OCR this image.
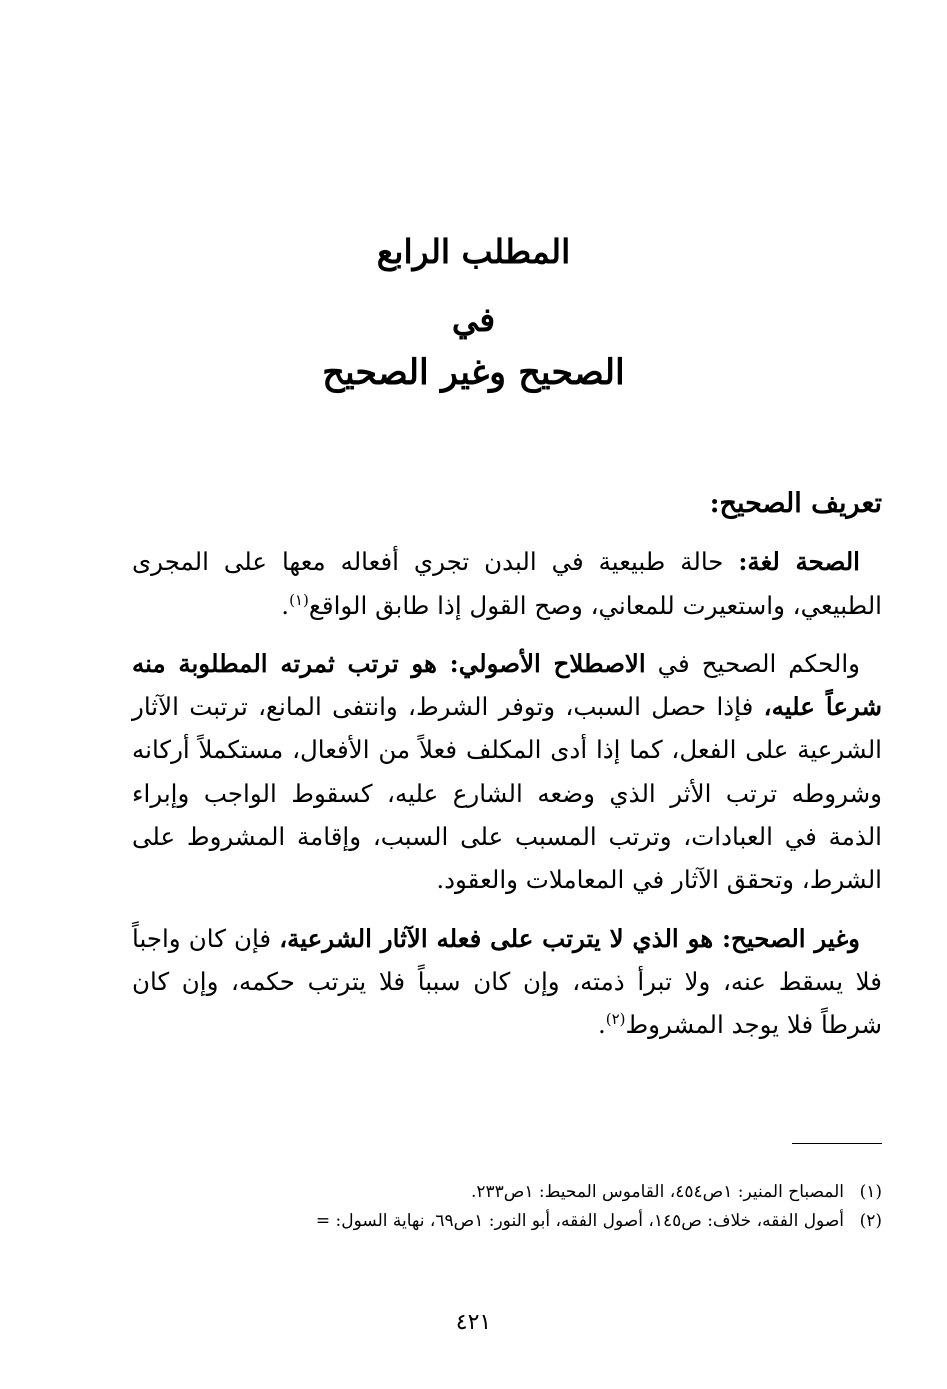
المطلب الرابع
في
الصحيح وغير الصحيح
تعريف الصحيح:

الصحة لغة: حالة طبيعية في البدن تجري أفعاله معها على المجرى الطبيعي، واستعيرت للمعاني، وصح القول إذا طابق الواقع$^{(١)}$.

والحكم الصحيح في الاصطلاح الأصولي: هو ترتب ثمرته المطلوبة منه شرعاً عليه، فإذا حصل السبب، وتوفر الشرط، وانتفى المانع، ترتبت الآثار الشرعية على الفعل، كما إذا أدى المكلف فعلاً من الأفعال، مستكملاً أركانه وشروطه ترتب الأثر الذي وضعه الشارع عليه، كسقوط الواجب وإبراء الذمة في العبادات، وترتب المسبب على السبب، وإقامة المشروط على الشرط، وتحقق الآثار في المعاملات والعقود.

وغير الصحيح: هو الذي لا يترتب على فعله الآثار الشرعية، فإن كان واجباً فلا يسقط عنه، ولا تبرأ ذمته، وإن كان سبباً فلا يترتب حكمه، وإن كان شرطاً فلا يوجد المشروط$^{(٢)}$.

(١)المصباح المنير: ١ص٤٥٤، القاموس المحيط: ١ص٢٣٣.
(٢)أصول الفقه، خلاف: ص١٤٥، أصول الفقه، أبو النور: ١ص٦٩، نهاية السول: =
٤٢١
